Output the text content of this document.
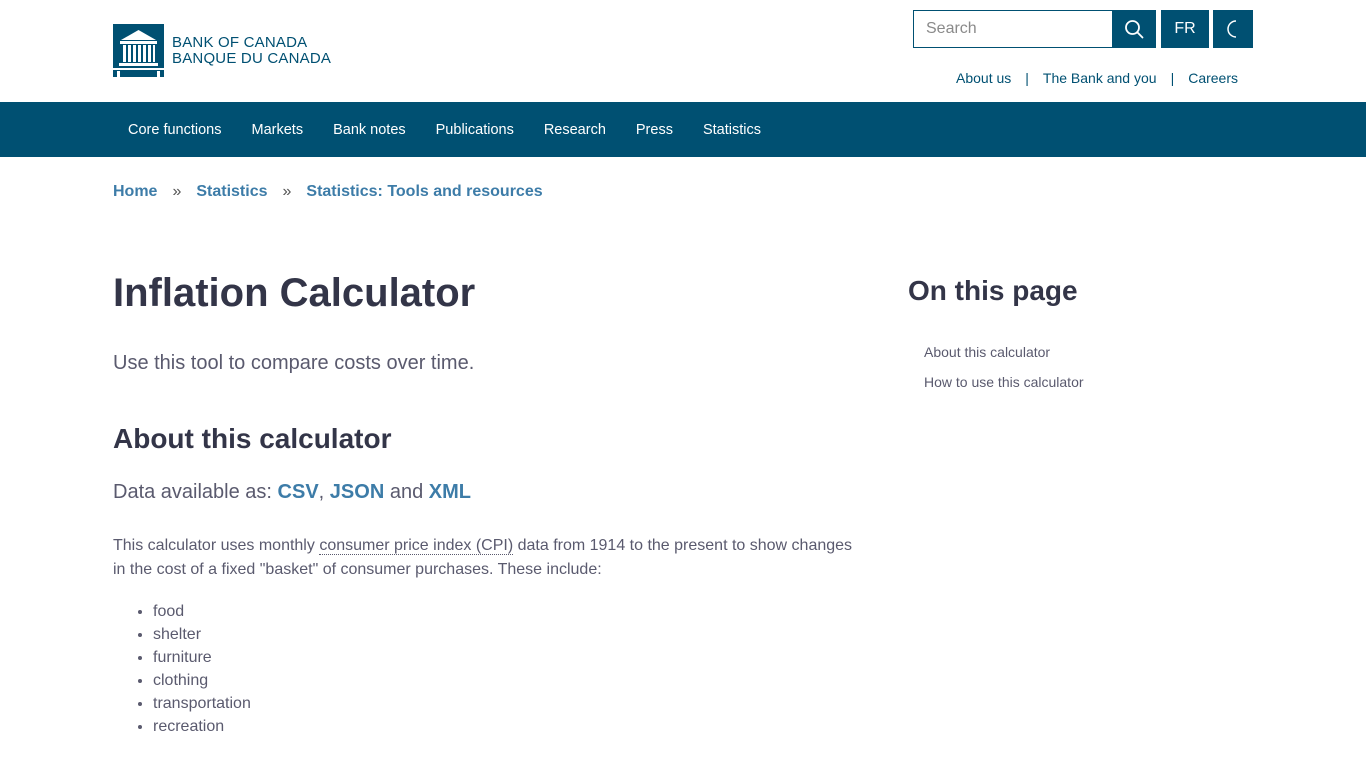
BANK OF CANADA
BANQUE DU CANADA
Search
FR
About us | The Bank and you | Careers
Core functions	Markets	Bank notes	Publications	Research	Press	Statistics
Home » Statistics » Statistics: Tools and resources
Inflation Calculator

Use this tool to compare costs over time.

About this calculator

Data available as: CSV, JSON and XML

This calculator uses monthly consumer price index (CPI) data from 1914 to the present to show changes in the cost of a fixed "basket" of consumer purchases. These include:

• food
• shelter
• furniture
• clothing
• transportation
• recreation
On this page
About this calculator
How to use this calculator
